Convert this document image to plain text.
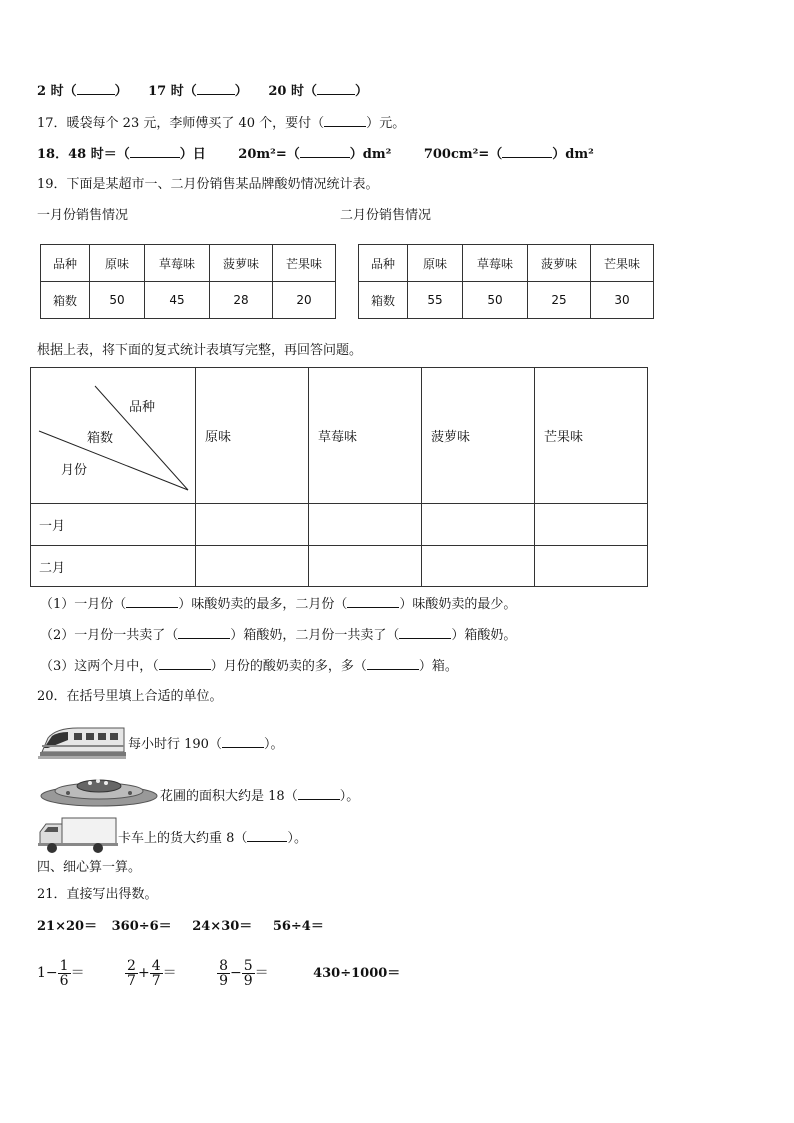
2 时（	） 17 时（	） 20 时（	）
17．暖袋每个 23 元，李师傅买了 40 个，要付（	）元。
18．48 时＝（	）日	20m²=（	）dm²	700cm²=（	）dm²
19．下面是某超市一、二月份销售某品牌酸奶情况统计表。
一月份销售情况	二月份销售情况
品种	原味	草莓味	菠萝味	芒果味
箱数	50	45	28	20
品种	原味	草莓味	菠萝味	芒果味
箱数	55	50	25	30
根据上表，将下面的复式统计表填写完整，再回答问题。
品种
箱数
月份	原味	草莓味	菠萝味	芒果味

一月				

二月				

（1）一月份（	）味酸奶卖的最多，二月份（	）味酸奶卖的最少。
（2）一月份一共卖了（	）箱酸奶，二月份一共卖了（	）箱酸奶。
（3）这两个月中，（	）月份的酸奶卖的多，多（	）箱。
20．在括号里填上合适的单位。
每小时行 190（	）。
花圃的面积大约是 18（	）。
卡车上的货大约重 8（	）。
四、细心算一算。
21．直接写出得数。
21×20＝ 360÷6＝ 24×30＝ 56÷4＝
$1- \frac{1}{6}$ ＝	$\frac{2}{7} + \frac{4}{7}$ ＝	$\frac{8}{9} - \frac{5}{9}$ ＝	430÷1000＝
